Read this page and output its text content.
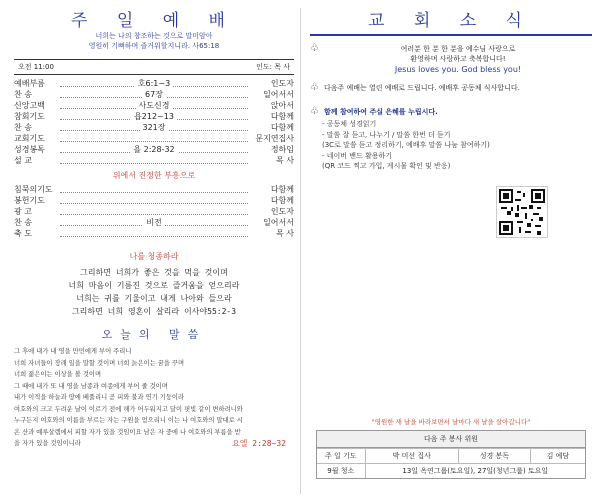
주 일 예 배
너희는 나의 창조하는 것으로 말미암아
영원히 기뻐하며 즐거워할지니라. 사65:18
오전 11:00	인도: 목 사
예배부름	호6:1~3	인도자
찬 송	67장	일어서서
신앙고백	사도신경	앉아서
참회기도	욥212~13	다함께
찬 송	321장	다함께
교회기도	문지연집사
성경봉독	욜 2:28-32	정하임
설 교	목 사
위에서 진정한 부흥으로
침묵의기도	다함께
봉헌기도	다함께
광 고	인도자
찬 송	비전	일어서서
축 도	목 사
나를 청종하라
그리하면 너희가 좋은 것을 먹을 것이며
너희 마음이 기름진 것으로 즐거움을 얻으리라
너희는 귀를 기울이고 내게 나아와 들으라
그리하면 너희 영혼이 살리라 이사야55:2-3
오늘의 말씀
그 후에 내가 내 영을 만민에게 부어 주리니
너희 자녀들이 장래 일을 말할 것이며 너희 늙은이는 꿈을 꾸며
너희 젊은이는 이상을 볼 것이며
그 때에 내가 또 내 영을 남종과 여종에게 부어 줄 것이며
내가 이적을 하늘과 땅에 베풀리니 곧 피와 불과 연기 기둥이라
여호와의 크고 두려운 날이 이르기 전에 해가 어두워지고 달이 핏빛 같이 변하려니와
누구든지 여호와의 이름을 부르는 자는 구원을 얻으리니 이는 나 여호와의 말대로 시
온 산과 예루살렘에서 피할 자가 있을 것임이요 남은 자 중에 나 여호와의 부름을 받
을 자가 있을 것임이니라	요엘 2:28~32
교 회 소 식
♧	여러분 한 분 한 분을 예수님 사랑으로
환영하며 사랑하고 축복합니다!
Jesus loves you. God bless you!
♧ 다음주 예배는 열린 예배로 드립니다. 예배후 공동체 식사합니다.
♧ 함께 참여하여 주실 은혜를 누립시다.
- 공동체 성경읽기
- 말씀 잘 듣고, 나누기 / 말씀 한번 더 듣기
(3C로 말씀 듣고 정리하기, 예배후 말씀 나눔 참여하기)
- 네이버 밴드 활용하기
(QR 코드 찍고 가입, 게시물 확인 및 반응)
"영원한 새 날을 바라보면서 날마다 새 날을 살아갑니다"
다음 주 봉사 위원
주 일 기도	박 미선 집사	성경 봉독	김 예담
9월 청소	13일 옥연그룹(토요일), 27일(청년그룹) 토요일		
